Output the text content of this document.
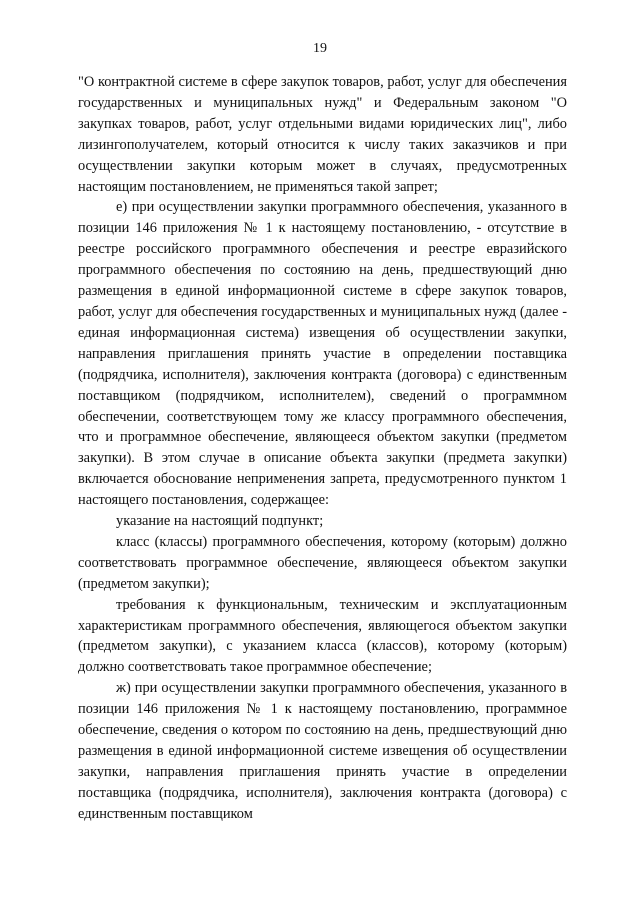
19

"О контрактной системе в сфере закупок товаров, работ, услуг для обеспечения государственных и муниципальных нужд" и Федеральным законом "О закупках товаров, работ, услуг отдельными видами юридических лиц", либо лизингополучателем, который относится к числу таких заказчиков и при осуществлении закупки которым может в случаях, предусмотренных настоящим постановлением, не применяться такой запрет;

е) при осуществлении закупки программного обеспечения, указанного в позиции 146 приложения № 1 к настоящему постановлению, - отсутствие в реестре российского программного обеспечения и реестре евразийского программного обеспечения по состоянию на день, предшествующий дню размещения в единой информационной системе в сфере закупок товаров, работ, услуг для обеспечения государственных и муниципальных нужд (далее - единая информационная система) извещения об осуществлении закупки, направления приглашения принять участие в определении поставщика (подрядчика, исполнителя), заключения контракта (договора) с единственным поставщиком (подрядчиком, исполнителем), сведений о программном обеспечении, соответствующем тому же классу программного обеспечения, что и программное обеспечение, являющееся объектом закупки (предметом закупки). В этом случае в описание объекта закупки (предмета закупки) включается обоснование неприменения запрета, предусмотренного пунктом 1 настоящего постановления, содержащее:

указание на настоящий подпункт;

класс (классы) программного обеспечения, которому (которым) должно соответствовать программное обеспечение, являющееся объектом закупки (предметом закупки);

требования к функциональным, техническим и эксплуатационным характеристикам программного обеспечения, являющегося объектом закупки (предметом закупки), с указанием класса (классов), которому (которым) должно соответствовать такое программное обеспечение;

ж) при осуществлении закупки программного обеспечения, указанного в позиции 146 приложения № 1 к настоящему постановлению, программное обеспечение, сведения о котором по состоянию на день, предшествующий дню размещения в единой информационной системе извещения об осуществлении закупки, направления приглашения принять участие в определении поставщика (подрядчика, исполнителя), заключения контракта (договора) с единственным поставщиком
